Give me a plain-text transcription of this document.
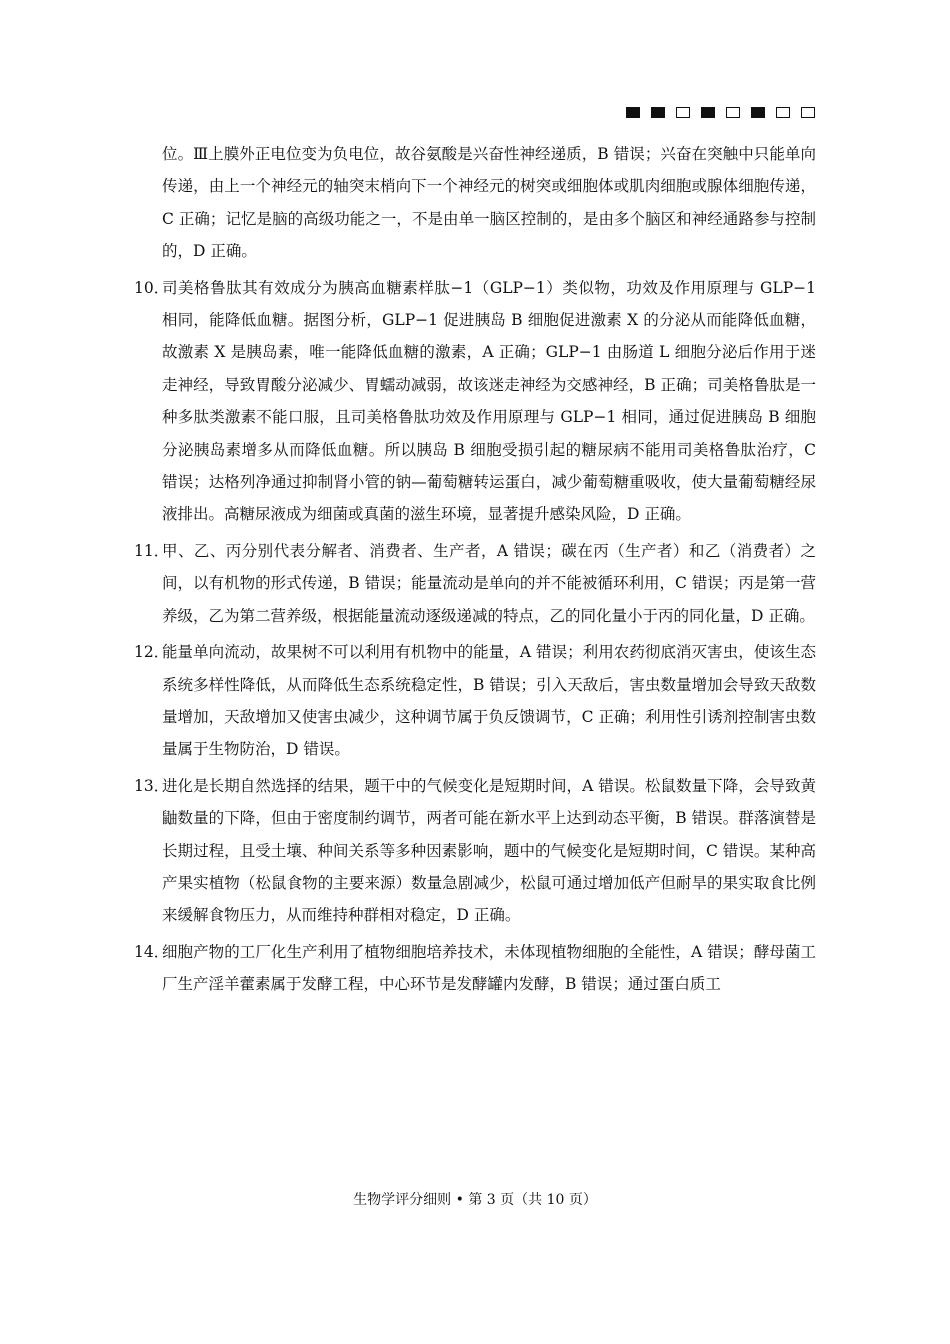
位。Ⅲ上膜外正电位变为负电位，故谷氨酸是兴奋性神经递质，B 错误；兴奋在突触中只能单向传递，由上一个神经元的轴突末梢向下一个神经元的树突或细胞体或肌肉细胞或腺体细胞传递，C 正确；记忆是脑的高级功能之一，不是由单一脑区控制的，是由多个脑区和神经通路参与控制的，D 正确。
10．
司美格鲁肽其有效成分为胰高血糖素样肽−1（GLP−1）类似物，功效及作用原理与 GLP−1 相同，能降低血糖。据图分析，GLP−1 促进胰岛 B 细胞促进激素 X 的分泌从而能降低血糖，故激素 X 是胰岛素，唯一能降低血糖的激素，A 正确；GLP−1 由肠道 L 细胞分泌后作用于迷走神经，导致胃酸分泌减少、胃蠕动减弱，故该迷走神经为交感神经，B 正确；司美格鲁肽是一种多肽类激素不能口服，且司美格鲁肽功效及作用原理与 GLP−1 相同，通过促进胰岛 B 细胞分泌胰岛素增多从而降低血糖。所以胰岛 B 细胞受损引起的糖尿病不能用司美格鲁肽治疗，C 错误；达格列净通过抑制肾小管的钠—葡萄糖转运蛋白，减少葡萄糖重吸收，使大量葡萄糖经尿液排出。高糖尿液成为细菌或真菌的滋生环境，显著提升感染风险，D 正确。
11．
甲、乙、丙分别代表分解者、消费者、生产者，A 错误；碳在丙（生产者）和乙（消费者）之间，以有机物的形式传递，B 错误；能量流动是单向的并不能被循环利用，C 错误；丙是第一营养级，乙为第二营养级，根据能量流动逐级递减的特点，乙的同化量小于丙的同化量，D 正确。
12．
能量单向流动，故果树不可以利用有机物中的能量，A 错误；利用农药彻底消灭害虫，使该生态系统多样性降低，从而降低生态系统稳定性，B 错误；引入天敌后，害虫数量增加会导致天敌数量增加，天敌增加又使害虫减少，这种调节属于负反馈调节，C 正确；利用性引诱剂控制害虫数量属于生物防治，D 错误。
13．
进化是长期自然选择的结果，题干中的气候变化是短期时间，A 错误。松鼠数量下降，会导致黄鼬数量的下降，但由于密度制约调节，两者可能在新水平上达到动态平衡，B 错误。群落演替是长期过程，且受土壤、种间关系等多种因素影响，题中的气候变化是短期时间，C 错误。某种高产果实植物（松鼠食物的主要来源）数量急剧减少，松鼠可通过增加低产但耐旱的果实取食比例来缓解食物压力，从而维持种群相对稳定，D 正确。
14．
细胞产物的工厂化生产利用了植物细胞培养技术，未体现植物细胞的全能性，A 错误；酵母菌工厂生产淫羊藿素属于发酵工程，中心环节是发酵罐内发酵，B 错误；通过蛋白质工
生物学评分细则 • 第 3 页（共 10 页）
